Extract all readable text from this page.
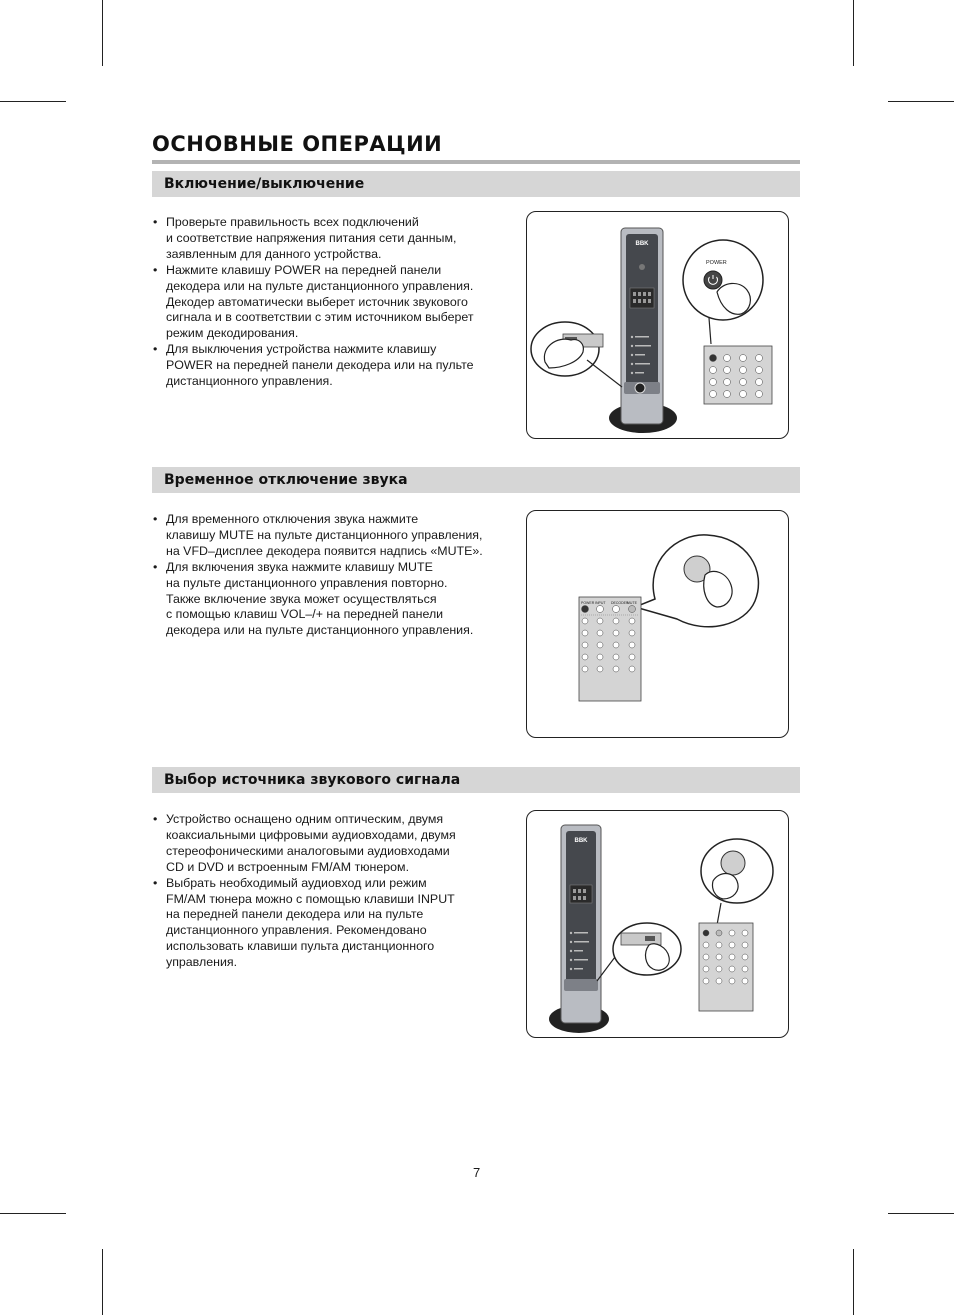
ОСНОВНЫЕ ОПЕРАЦИИ
Включение/выключение
• Проверьте правильность всех подключений
и соответствие напряжения питания сети данным,
заявленным для данного устройства.
• Нажмите клавишу POWER на передней панели
декодера или на пульте дистанционного управления.
Декодер автоматически выберет источник звукового
сигнала и в соответствии с этим источником выберет
режим декодирования.
• Для выключения устройства нажмите клавишу
POWER на передней панели декодера или на пульте
дистанционного управления.
BBK
POWER
Временное отключение звука
• Для временного отключения звука нажмите
клавишу MUTE на пульте дистанционного управления,
на VFD–дисплее декодера появится надпись «MUTE».
• Для включения звука нажмите клавишу MUTE
на пульте дистанционного управления повторно.
Также включение звука может осуществляться
с помощью клавиш VOL–/+ на передней панели
декодера или на пульте дистанционного управления.
POWER INPUT DECODER
MUTE
Выбор источника звукового сигнала
• Устройство оснащено одним оптическим, двумя
коаксиальными цифровыми аудиовходами, двумя
стереофоническими аналоговыми аудиовходами
CD и DVD и встроенным FM/AM тюнером.
• Выбрать необходимый аудиовход или режим
FM/AM тюнера можно с помощью клавиши INPUT
на передней панели декодера или на пульте
дистанционного управления. Рекомендовано
использовать клавиши пульта дистанционного
управления.
BBK
7
